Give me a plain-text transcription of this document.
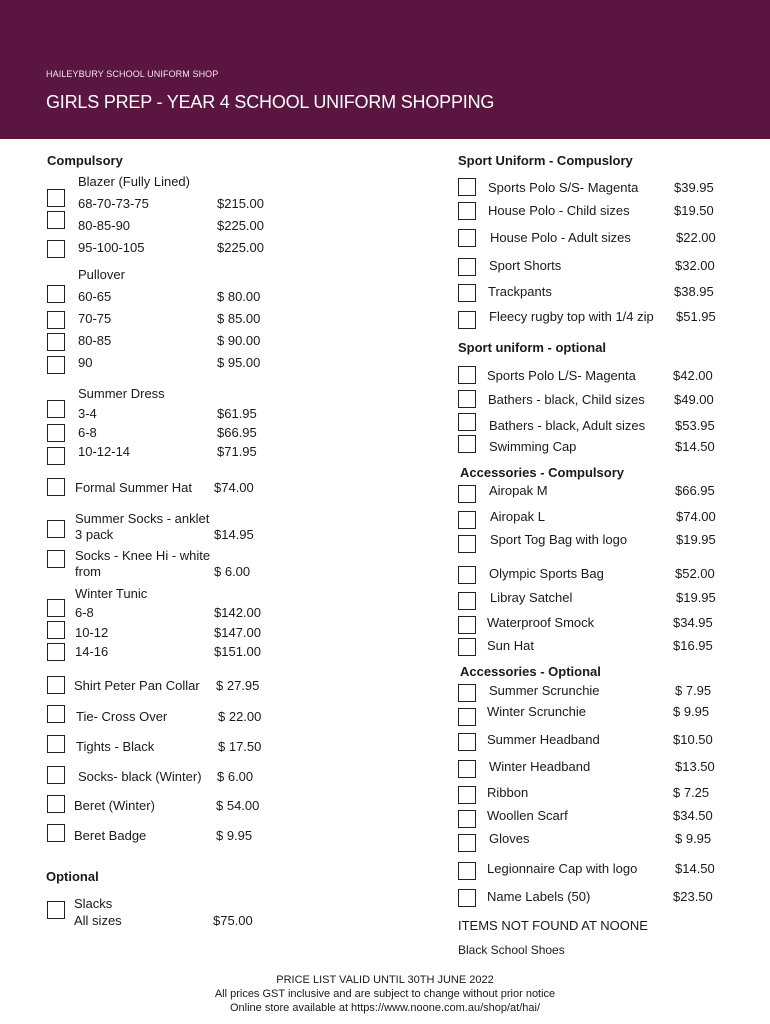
HAILEYBURY SCHOOL UNIFORM SHOP
GIRLS PREP - YEAR 4 SCHOOL UNIFORM SHOPPING
Compulsory
Blazer (Fully Lined)
68-70-73-75	$215.00
80-85-90	$225.00
95-100-105	$225.00
Pullover
60-65	$ 80.00
70-75	$ 85.00
80-85	$ 90.00
90	$ 95.00
Summer Dress
3-4	$61.95
6-8	$66.95
10-12-14	$71.95
Formal Summer Hat $74.00
Summer Socks - anklet
3 pack	$14.95
Socks - Knee Hi - white
from	$ 6.00
Winter Tunic
6-8	$142.00
10-12	$147.00
14-16	$151.00
Shirt Peter Pan Collar $ 27.95
Tie- Cross Over	$ 22.00
Tights - Black	$ 17.50
Socks- black (Winter) $ 6.00
Beret (Winter)	$ 54.00
Beret Badge	$ 9.95
Optional
Slacks
All sizes	$75.00
Sport Uniform - Compuslory
Sports Polo S/S- Magenta	$39.95
House Polo - Child sizes	$19.50
House Polo - Adult sizes	$22.00
Sport Shorts	$32.00
Trackpants	$38.95
Fleecy rugby top with 1/4 zip $51.95
Sport uniform - optional
Sports Polo L/S- Magenta	$42.00
Bathers - black, Child sizes $49.00
Bathers - black, Adult sizes $53.95
Swimming Cap	$14.50
Accessories - Compulsory
Airopak M	$66.95
Airopak L	$74.00
Sport Tog Bag with logo	$19.95
Olympic Sports Bag	$52.00
Libray Satchel	$19.95
Waterproof Smock	$34.95
Sun Hat	$16.95
Accessories - Optional
Summer Scrunchie	$ 7.95
Winter Scrunchie	$ 9.95
Summer Headband	$10.50
Winter Headband	$13.50
Ribbon	$ 7.25
Woollen Scarf	$34.50
Gloves	$ 9.95
Legionnaire Cap with logo	$14.50
Name Labels (50)	$23.50
ITEMS NOT FOUND AT NOONE
Black School Shoes
PRICE LIST VALID UNTIL 30TH JUNE 2022
All prices GST inclusive and are subject to change without prior notice
Online store available at https://www.noone.com.au/shop/at/hai/
